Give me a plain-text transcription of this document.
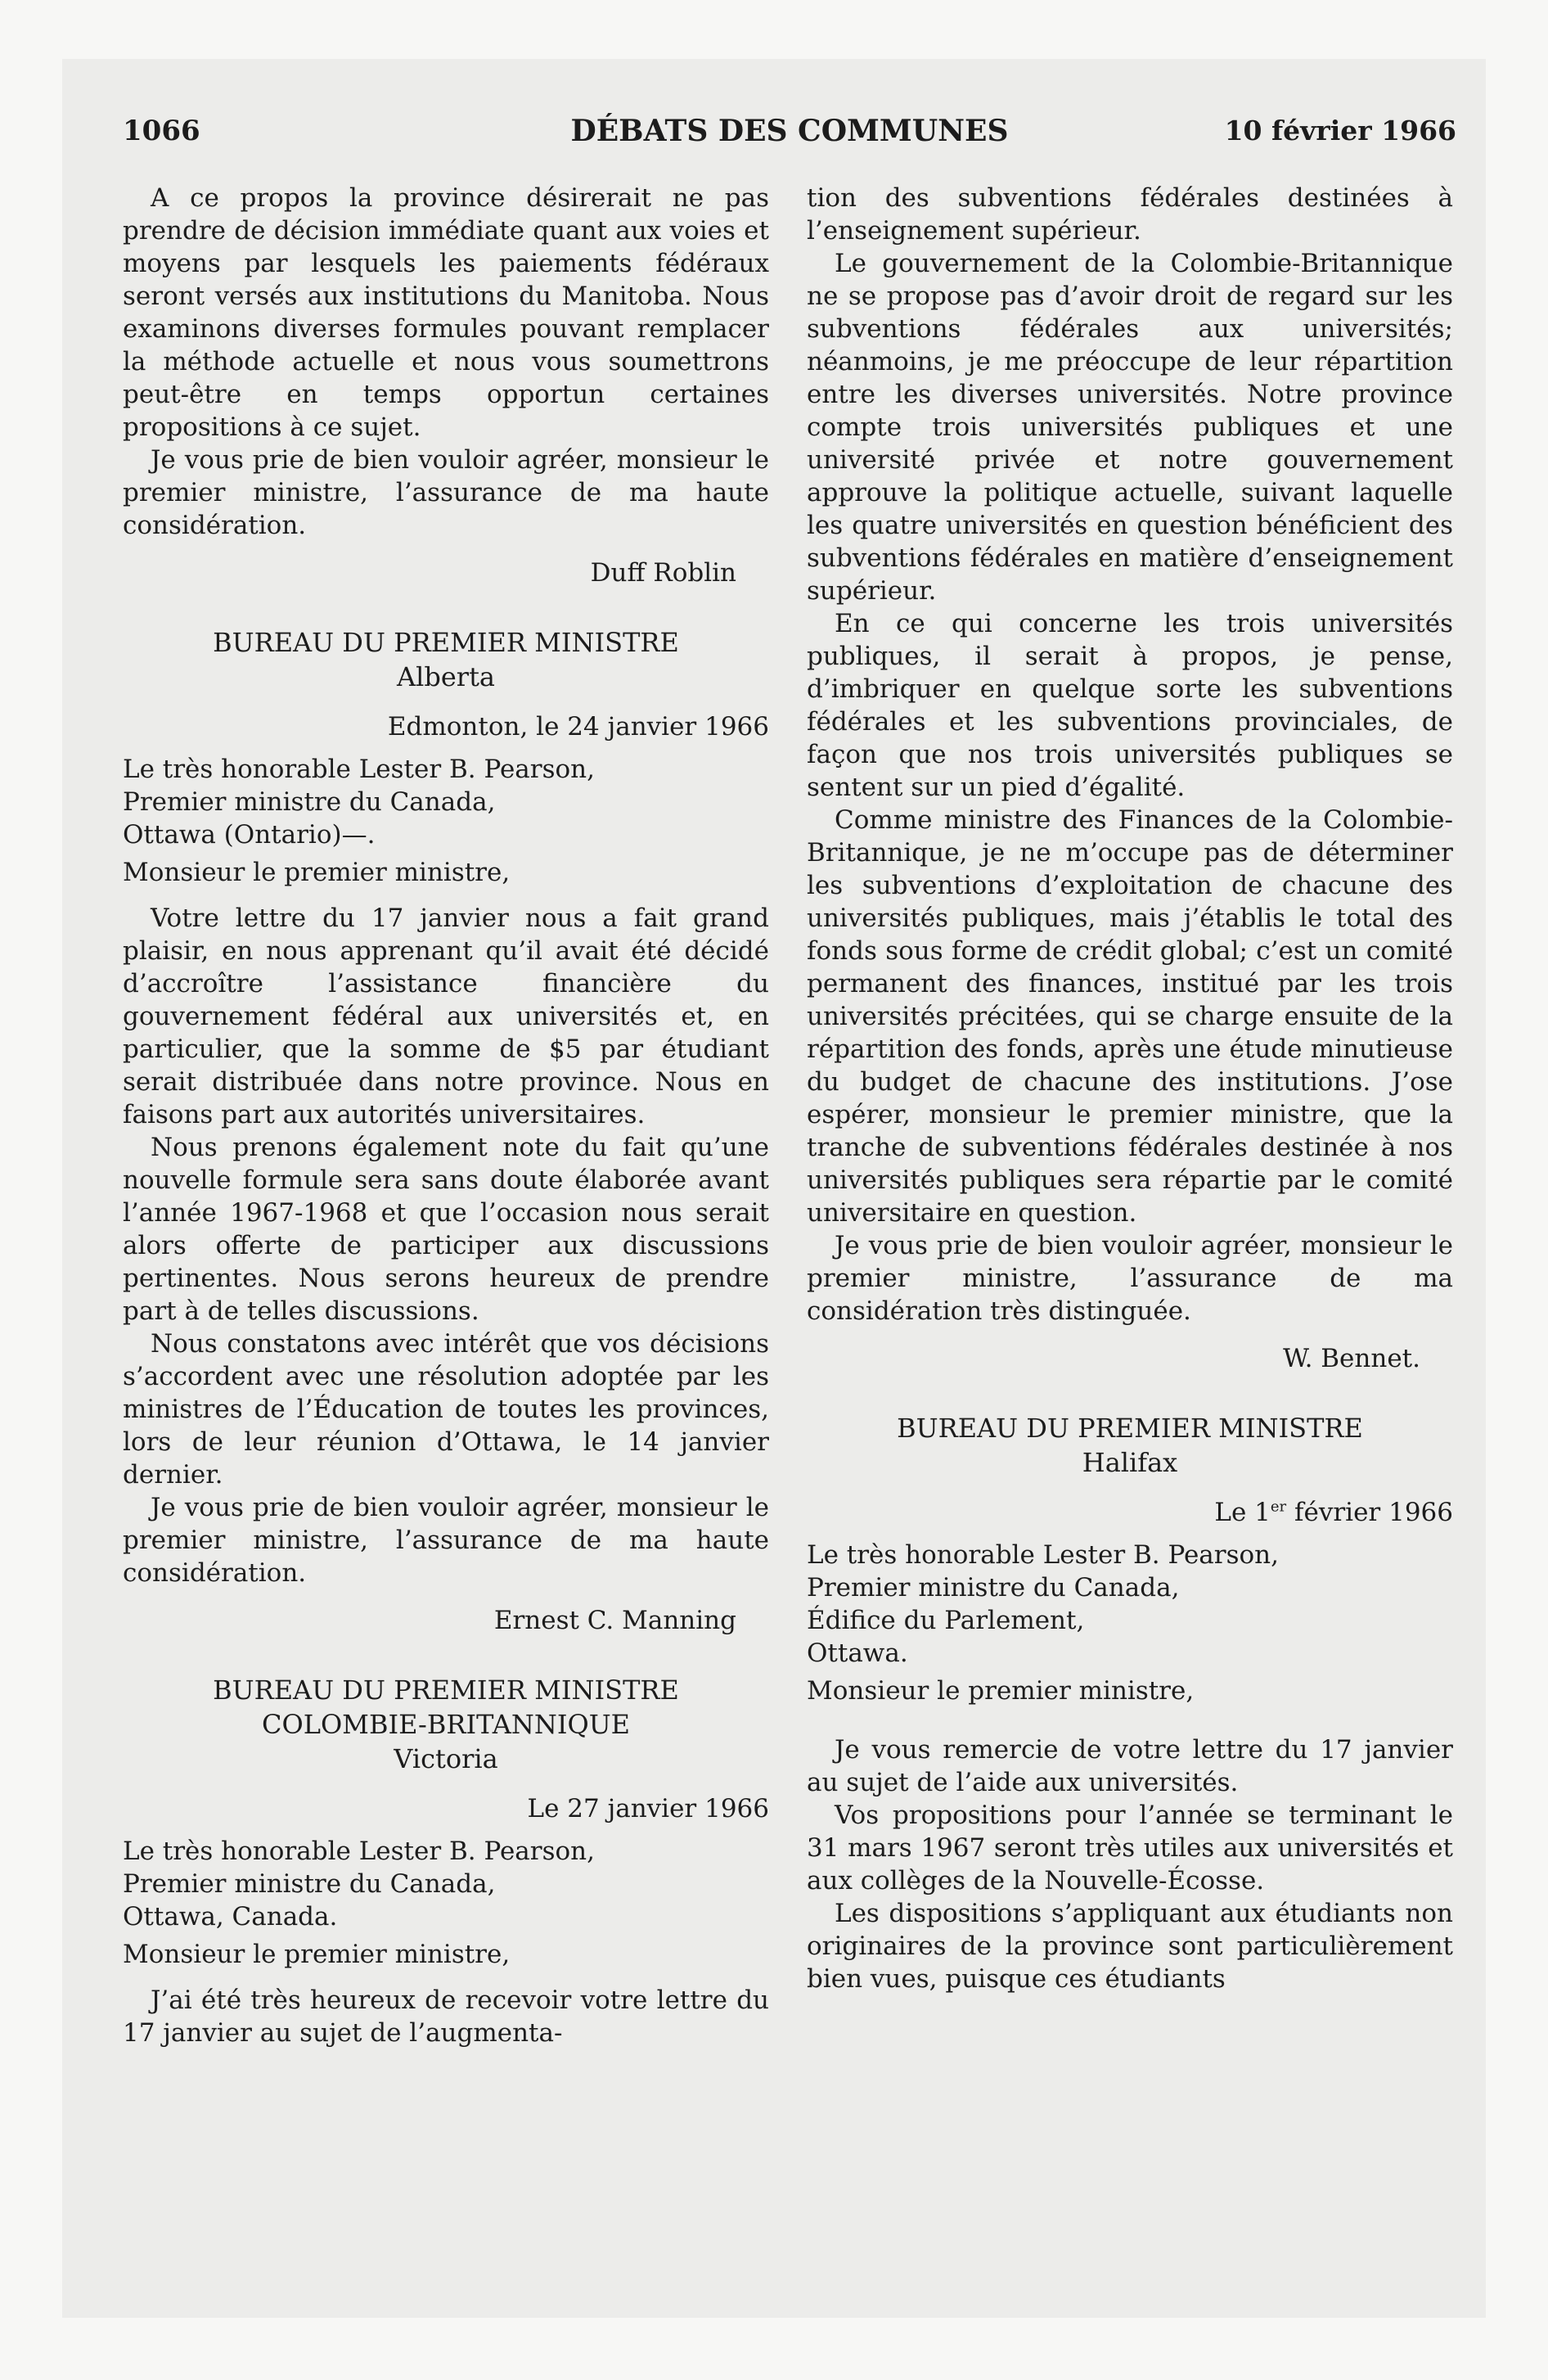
1066	DÉBATS DES COMMUNES	10 février 1966

A ce propos la province désirerait ne pas prendre de décision immédiate quant aux voies et moyens par lesquels les paiements fédéraux seront versés aux institutions du Manitoba. Nous examinons diverses formules pouvant remplacer la méthode actuelle et nous vous soumettrons peut-être en temps opportun certaines propositions à ce sujet.

Je vous prie de bien vouloir agréer, monsieur le premier ministre, l’assurance de ma haute considération.

Duff Roblin
BUREAU DU PREMIER MINISTRE
Alberta
Edmonton, le 24 janvier 1966

Le très honorable Lester B. Pearson,

Premier ministre du Canada,

Ottawa (Ontario)—.

Monsieur le premier ministre,

Votre lettre du 17 janvier nous a fait grand plaisir, en nous apprenant qu’il avait été décidé d’accroître l’assistance financière du gouvernement fédéral aux universités et, en particulier, que la somme de $5 par étudiant serait distribuée dans notre province. Nous en faisons part aux autorités universitaires.

Nous prenons également note du fait qu’une nouvelle formule sera sans doute élaborée avant l’année 1967-1968 et que l’occasion nous serait alors offerte de participer aux discussions pertinentes. Nous serons heureux de prendre part à de telles discussions.

Nous constatons avec intérêt que vos décisions s’accordent avec une résolution adoptée par les ministres de l’Éducation de toutes les provinces, lors de leur réunion d’Ottawa, le 14 janvier dernier.

Je vous prie de bien vouloir agréer, monsieur le premier ministre, l’assurance de ma haute considération.

Ernest C. Manning
BUREAU DU PREMIER MINISTRE
COLOMBIE-BRITANNIQUE
Victoria
Le 27 janvier 1966

Le très honorable Lester B. Pearson,

Premier ministre du Canada,

Ottawa, Canada.

Monsieur le premier ministre,

J’ai été très heureux de recevoir votre lettre du 17 janvier au sujet de l’augmenta-

tion des subventions fédérales destinées à l’enseignement supérieur.

Le gouvernement de la Colombie-Britannique ne se propose pas d’avoir droit de regard sur les subventions fédérales aux universités; néanmoins, je me préoccupe de leur répartition entre les diverses universités. Notre province compte trois universités publiques et une université privée et notre gouvernement approuve la politique actuelle, suivant laquelle les quatre universités en question bénéficient des subventions fédérales en matière d’enseignement supérieur.

En ce qui concerne les trois universités publiques, il serait à propos, je pense, d’imbriquer en quelque sorte les subventions fédérales et les subventions provinciales, de façon que nos trois universités publiques se sentent sur un pied d’égalité.

Comme ministre des Finances de la Colombie-Britannique, je ne m’occupe pas de déterminer les subventions d’exploitation de chacune des universités publiques, mais j’établis le total des fonds sous forme de crédit global; c’est un comité permanent des finances, institué par les trois universités précitées, qui se charge ensuite de la répartition des fonds, après une étude minutieuse du budget de chacune des institutions. J’ose espérer, monsieur le premier ministre, que la tranche de subventions fédérales destinée à nos universités publiques sera répartie par le comité universitaire en question.

Je vous prie de bien vouloir agréer, monsieur le premier ministre, l’assurance de ma considération très distinguée.

W. Bennet.
BUREAU DU PREMIER MINISTRE
Halifax
Le 1er février 1966

Le très honorable Lester B. Pearson,

Premier ministre du Canada,

Édifice du Parlement,

Ottawa.

Monsieur le premier ministre,

Je vous remercie de votre lettre du 17 janvier au sujet de l’aide aux universités.

Vos propositions pour l’année se terminant le 31 mars 1967 seront très utiles aux universités et aux collèges de la Nouvelle-Écosse.

Les dispositions s’appliquant aux étudiants non originaires de la province sont particulièrement bien vues, puisque ces étudiants
